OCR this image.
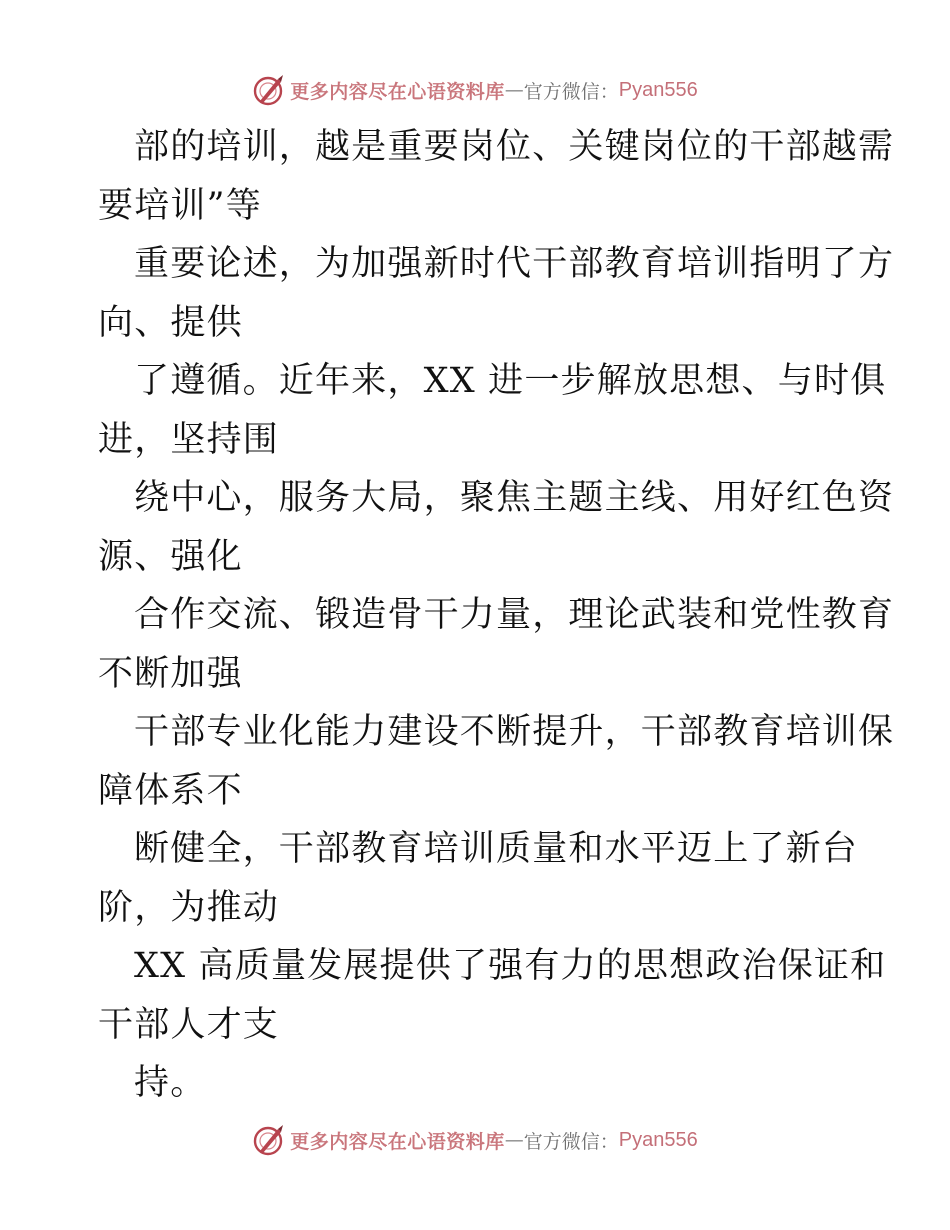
更多内容尽在心语资料库 — 官方微信： Pyan556
部的培训，越是重要岗位、关键岗位的干部越需
要培训”等
重要论述，为加强新时代干部教育培训指明了方
向、提供
了遵循。近年来，XX 进一步解放思想、与时俱
进，坚持围
绕中心，服务大局，聚焦主题主线、用好红色资
源、强化
合作交流、锻造骨干力量，理论武装和党性教育
不断加强
干部专业化能力建设不断提升，干部教育培训保
障体系不
断健全，干部教育培训质量和水平迈上了新台
阶，为推动
XX 高质量发展提供了强有力的思想政治保证和
干部人才支
持。
更多内容尽在心语资料库 — 官方微信： Pyan556
